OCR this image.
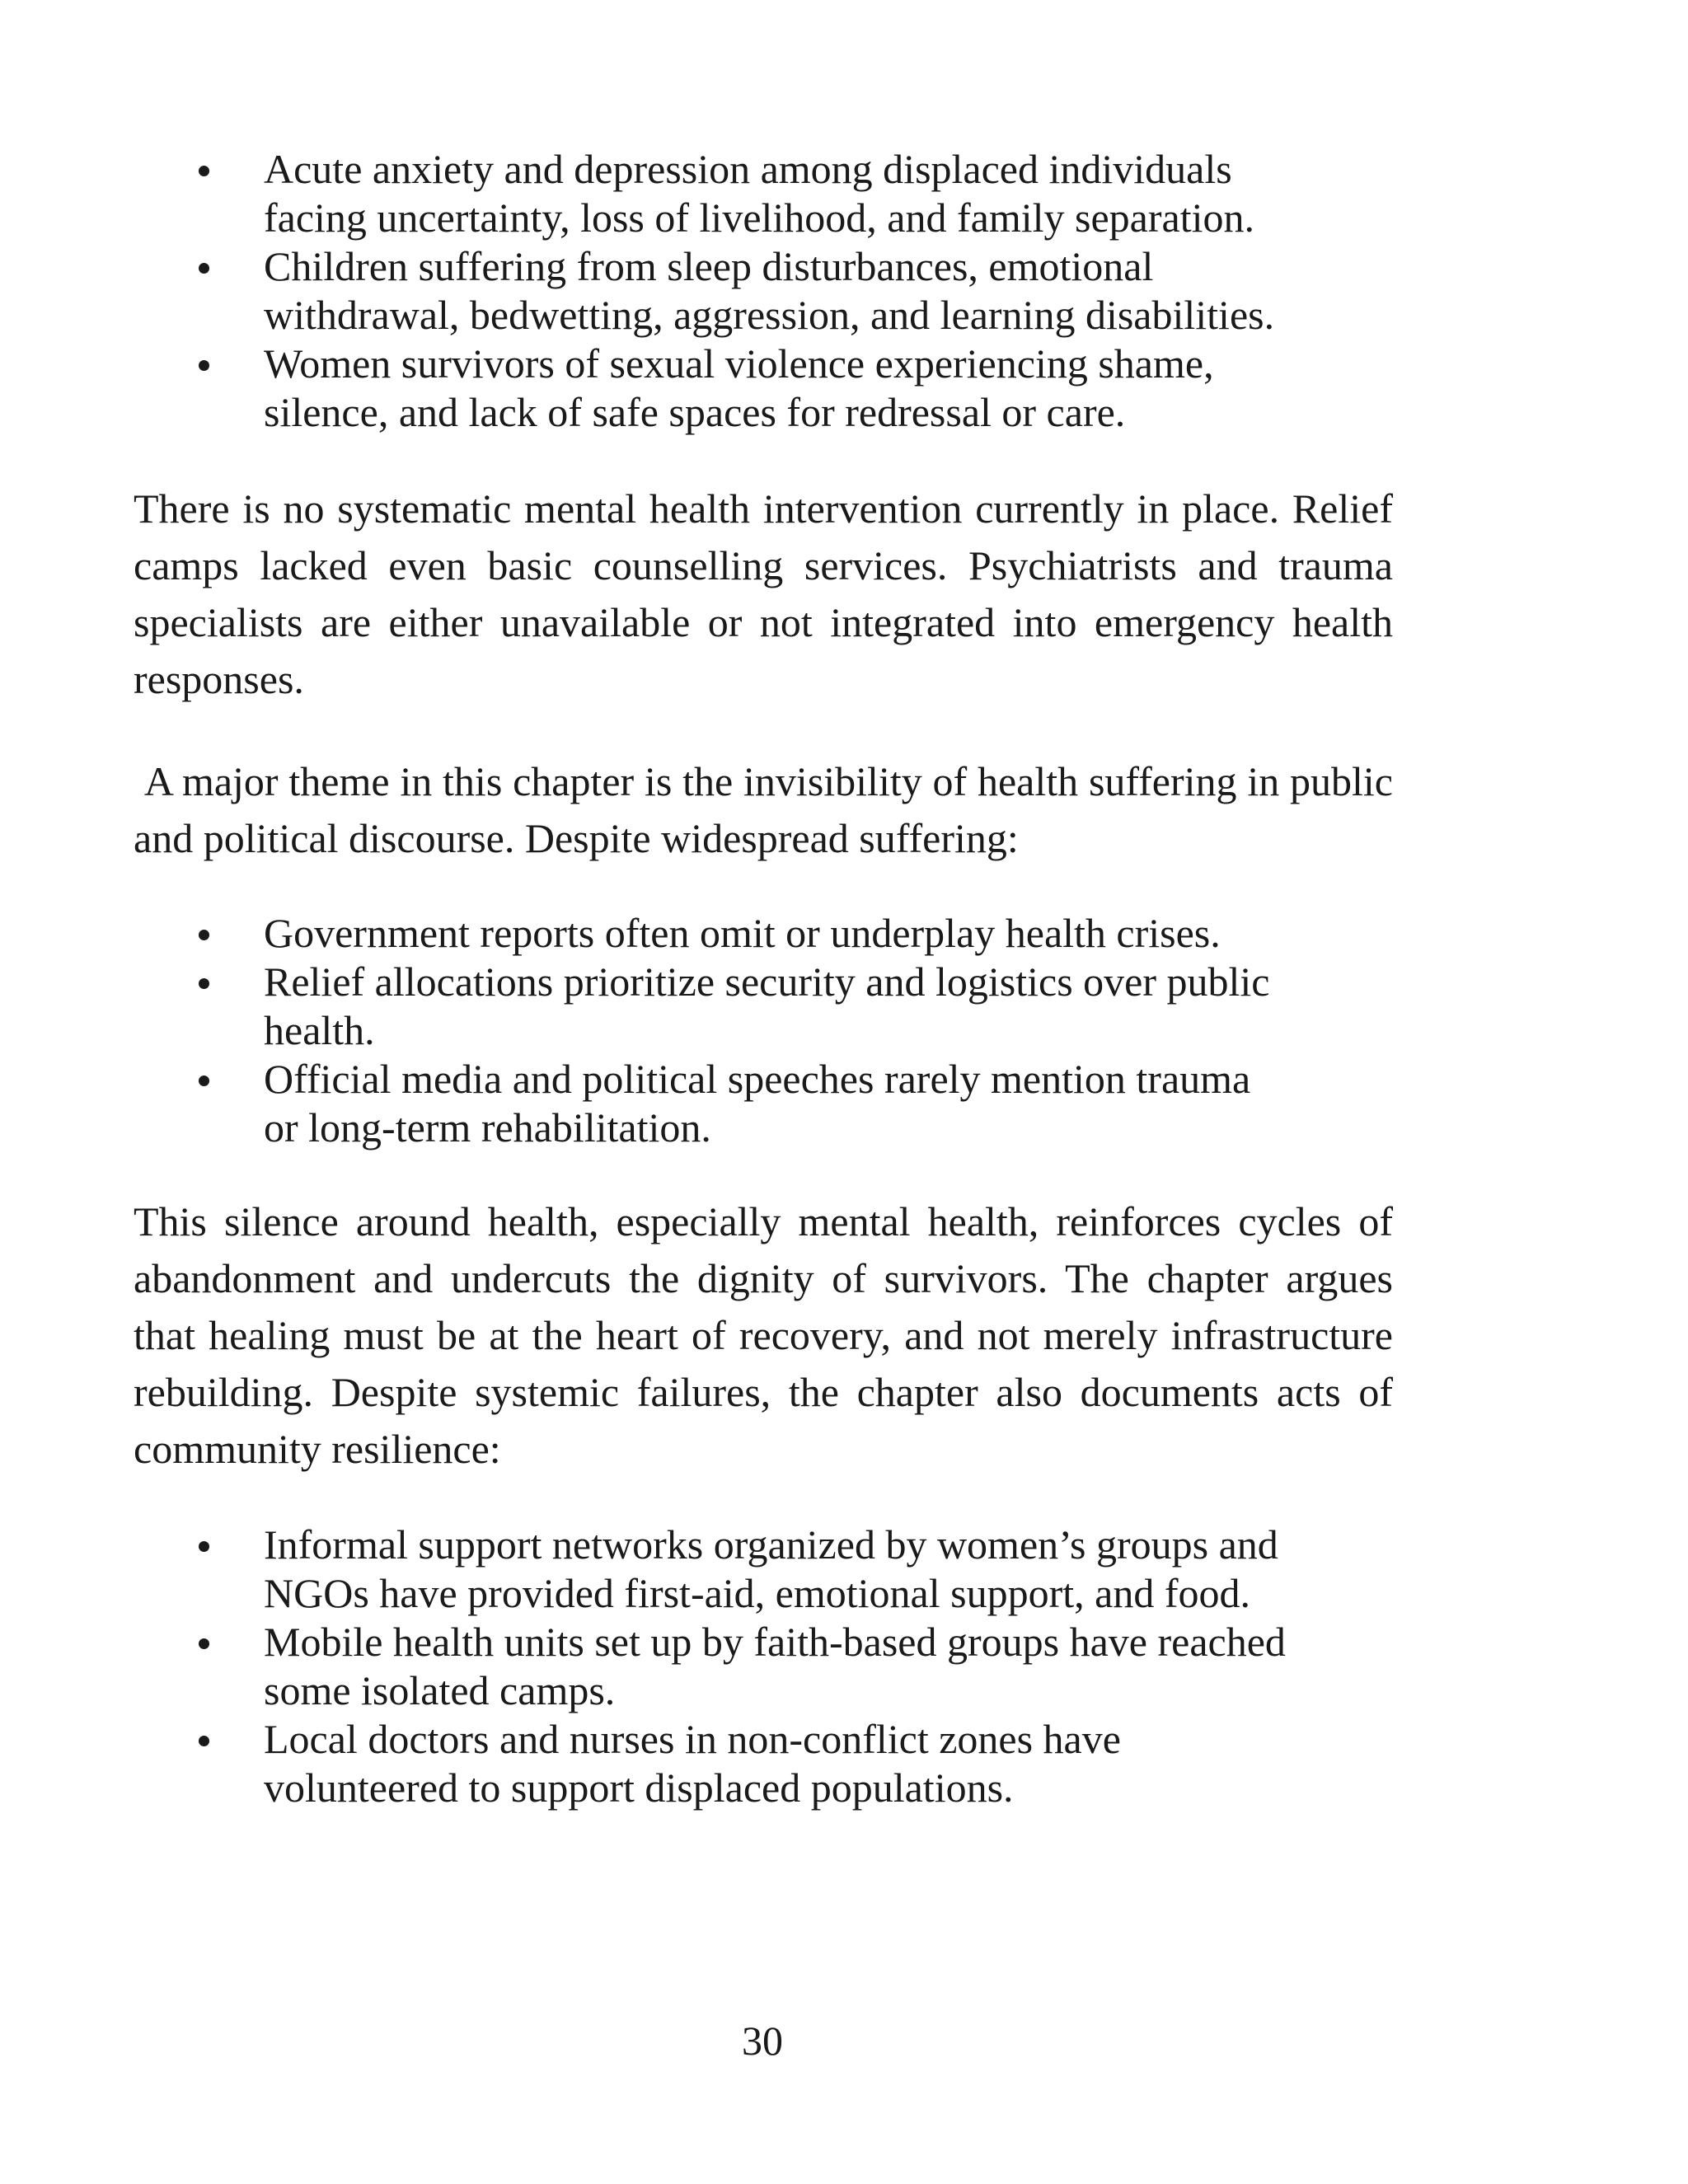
Acute anxiety and depression among displaced individuals facing uncertainty, loss of livelihood, and family separation.
Children suffering from sleep disturbances, emotional withdrawal, bedwetting, aggression, and learning disabilities.
Women survivors of sexual violence experiencing shame, silence, and lack of safe spaces for redressal or care.

There is no systematic mental health intervention currently in place. Relief camps lacked even basic counselling services. Psychiatrists and trauma specialists are either unavailable or not integrated into emergency health responses.

A major theme in this chapter is the invisibility of health suffering in public and political discourse. Despite widespread suffering:

Government reports often omit or underplay health crises.
Relief allocations prioritize security and logistics over public health.
Official media and political speeches rarely mention trauma or long-term rehabilitation.

This silence around health, especially mental health, reinforces cycles of abandonment and undercuts the dignity of survivors. The chapter argues that healing must be at the heart of recovery, and not merely infrastructure rebuilding. Despite systemic failures, the chapter also documents acts of community resilience:

Informal support networks organized by women’s groups and NGOs have provided first-aid, emotional support, and food.
Mobile health units set up by faith-based groups have reached some isolated camps.
Local doctors and nurses in non-conflict zones have volunteered to support displaced populations.
30
